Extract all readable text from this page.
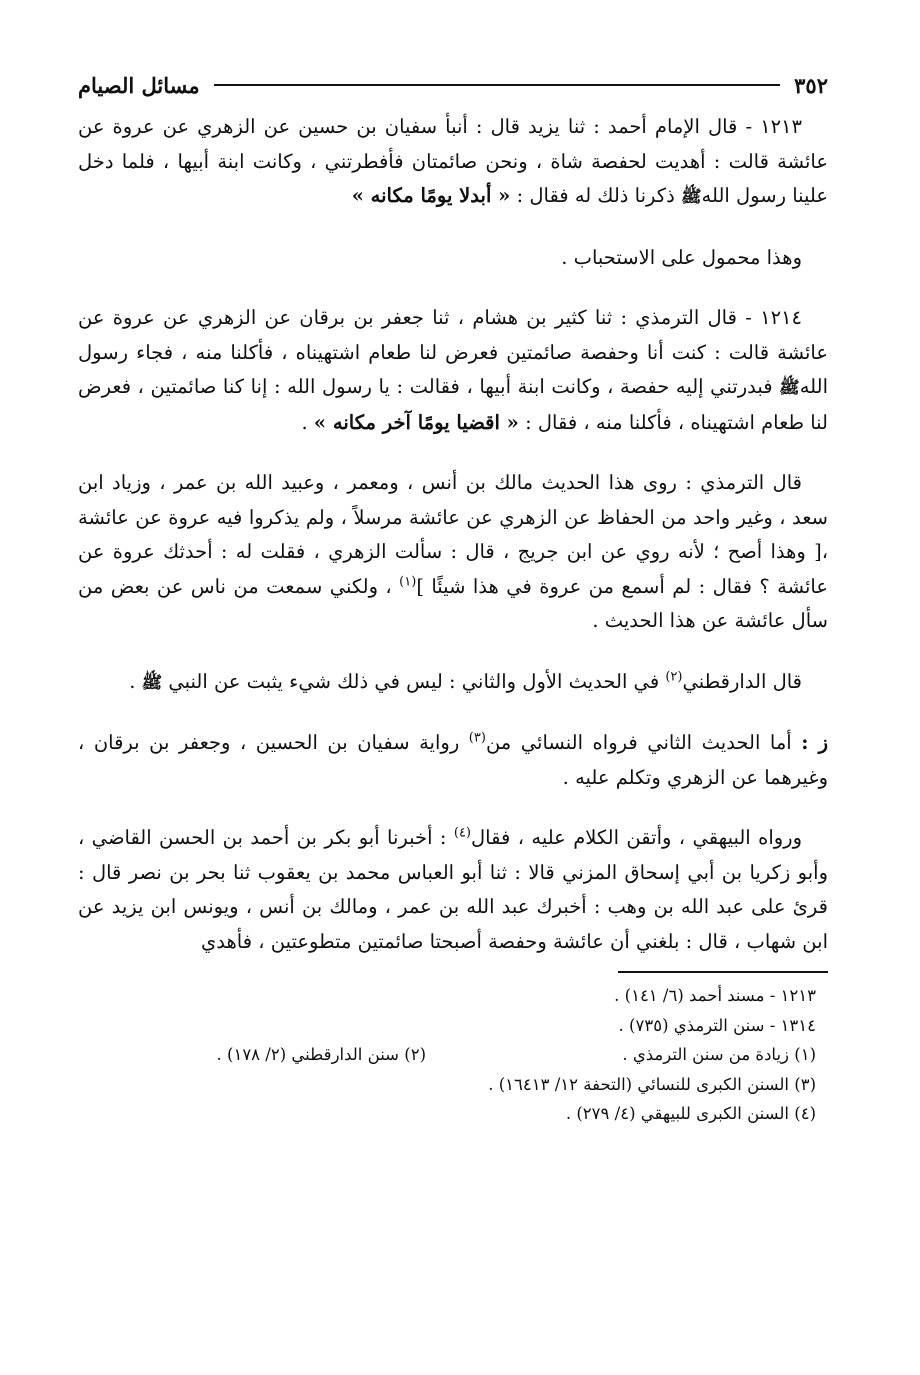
٣٥٢
مسائل الصيام

١٢١٣ - قال الإمام أحمد : ثنا يزيد قال : أنبأ سفيان بن حسين عن الزهري عن عروة عن عائشة قالت : أهديت لحفصة شاة ، ونحن صائمتان فأفطرتني ، وكانت ابنة أبيها ، فلما دخل علينا رسول اللهﷺ ذكرنا ذلك له فقال : « أبدلا يومًا مكانه »

وهذا محمول على الاستحباب .

١٢١٤ - قال الترمذي : ثنا كثير بن هشام ، ثنا جعفر بن برقان عن الزهري عن عروة عن عائشة قالت : كنت أنا وحفصة صائمتين فعرض لنا طعام اشتهيناه ، فأكلنا منه ، فجاء رسول اللهﷺ فبدرتني إليه حفصة ، وكانت ابنة أبيها ، فقالت : يا رسول الله : إنا كنا صائمتين ، فعرض لنا طعام اشتهيناه ، فأكلنا منه ، فقال : « اقضيا يومًا آخر مكانه » .

قال الترمذي : روى هذا الحديث مالك بن أنس ، ومعمر ، وعبيد الله بن عمر ، وزياد ابن سعد ، وغير واحد من الحفاظ عن الزهري عن عائشة مرسلاً ، ولم يذكروا فيه عروة عن عائشة ،[ وهذا أصح ؛ لأنه روي عن ابن جريج ، قال : سألت الزهري ، فقلت له : أحدثك عروة عن عائشة ؟ فقال : لم أسمع من عروة في هذا شيئًا ]$^{(١)}$ ، ولكني سمعت من ناس عن بعض من سأل عائشة عن هذا الحديث .

قال الدارقطني$^{(٢)}$ في الحديث الأول والثاني : ليس في ذلك شيء يثبت عن النبي ﷺ .

ز : أما الحديث الثاني فرواه النسائي من$^{(٣)}$ رواية سفيان بن الحسين ، وجعفر بن برقان ، وغيرهما عن الزهري وتكلم عليه .

ورواه البيهقي ، وأتقن الكلام عليه ، فقال$^{(٤)}$ : أخبرنا أبو بكر بن أحمد بن الحسن القاضي ، وأبو زكريا بن أبي إسحاق المزني قالا : ثنا أبو العباس محمد بن يعقوب ثنا بحر بن نصر قال : قرئ على عبد الله بن وهب : أخبرك عبد الله بن عمر ، ومالك بن أنس ، ويونس ابن يزيد عن ابن شهاب ، قال : بلغني أن عائشة وحفصة أصبحتا صائمتين متطوعتين ، فأهدي

١٢١٣ - مسند أحمد (٦/ ١٤١) .
١٣١٤ - سنن الترمذي (٧٣٥) .
(١) زيادة من سنن الترمذي .
(٢) سنن الدارقطني (٢/ ١٧٨) .
(٣) السنن الكبرى للنسائي (التحفة ١٢/ ١٦٤١٣) .
(٤) السنن الكبرى للبيهقي (٤/ ٢٧٩) .
